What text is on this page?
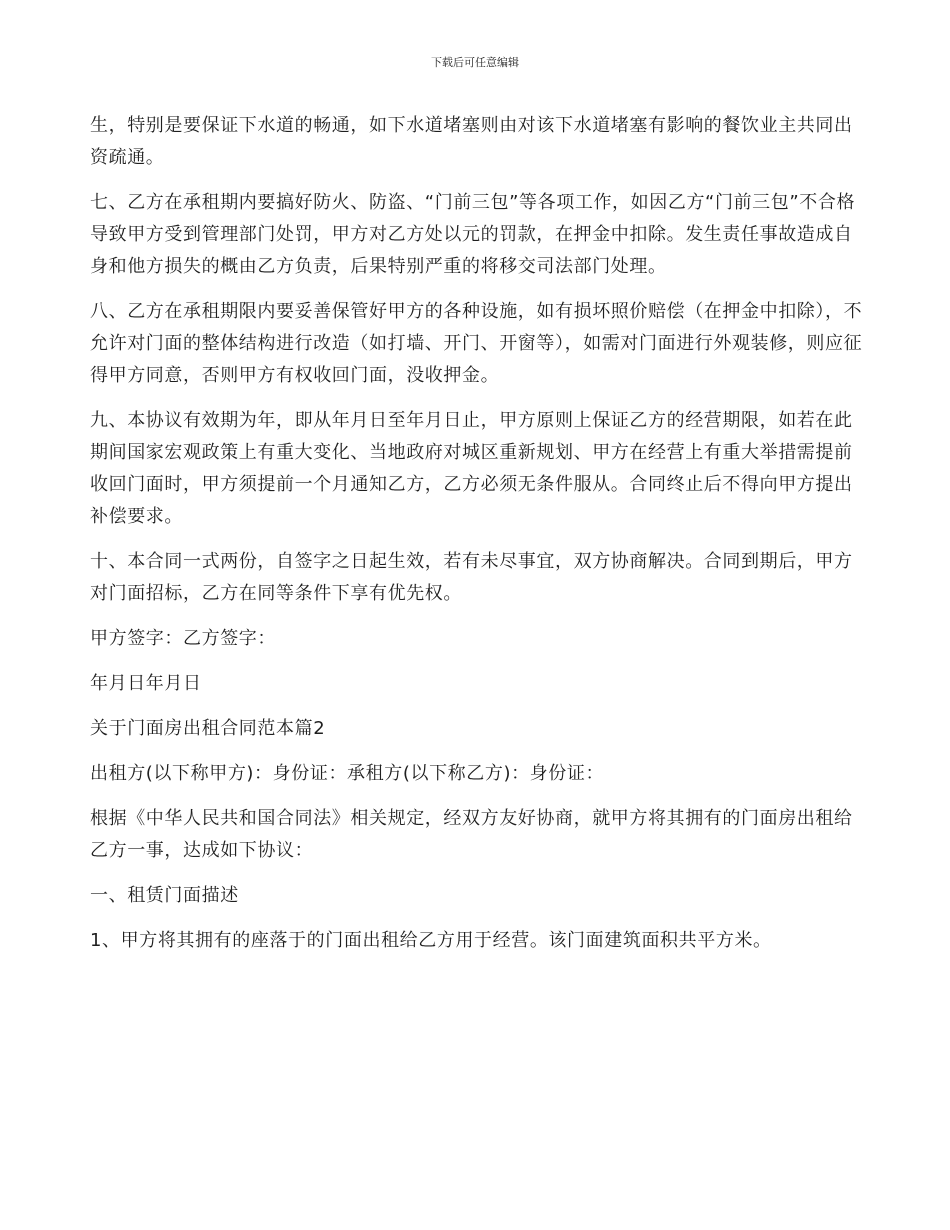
下载后可任意编辑

生，特别是要保证下水道的畅通，如下水道堵塞则由对该下水道堵塞有影响的餐饮业主共同出资疏通。

七、乙方在承租期内要搞好防火、防盗、“门前三包”等各项工作，如因乙方“门前三包”不合格导致甲方受到管理部门处罚，甲方对乙方处以元的罚款，在押金中扣除。发生责任事故造成自身和他方损失的概由乙方负责，后果特别严重的将移交司法部门处理。

八、乙方在承租期限内要妥善保管好甲方的各种设施，如有损坏照价赔偿（在押金中扣除），不允许对门面的整体结构进行改造（如打墙、开门、开窗等），如需对门面进行外观装修，则应征得甲方同意，否则甲方有权收回门面，没收押金。

九、本协议有效期为年，即从年月日至年月日止，甲方原则上保证乙方的经营期限，如若在此期间国家宏观政策上有重大变化、当地政府对城区重新规划、甲方在经营上有重大举措需提前收回门面时，甲方须提前一个月通知乙方，乙方必须无条件服从。合同终止后不得向甲方提出补偿要求。

十、本合同一式两份，自签字之日起生效，若有未尽事宜，双方协商解决。合同到期后，甲方对门面招标，乙方在同等条件下享有优先权。

甲方签字：乙方签字：

年月日年月日

关于门面房出租合同范本篇2

出租方(以下称甲方)：身份证：承租方(以下称乙方)：身份证：

根据《中华人民共和国合同法》相关规定，经双方友好协商，就甲方将其拥有的门面房出租给乙方一事，达成如下协议：

一、租赁门面描述

1、甲方将其拥有的座落于的门面出租给乙方用于经营。该门面建筑面积共平方米。
